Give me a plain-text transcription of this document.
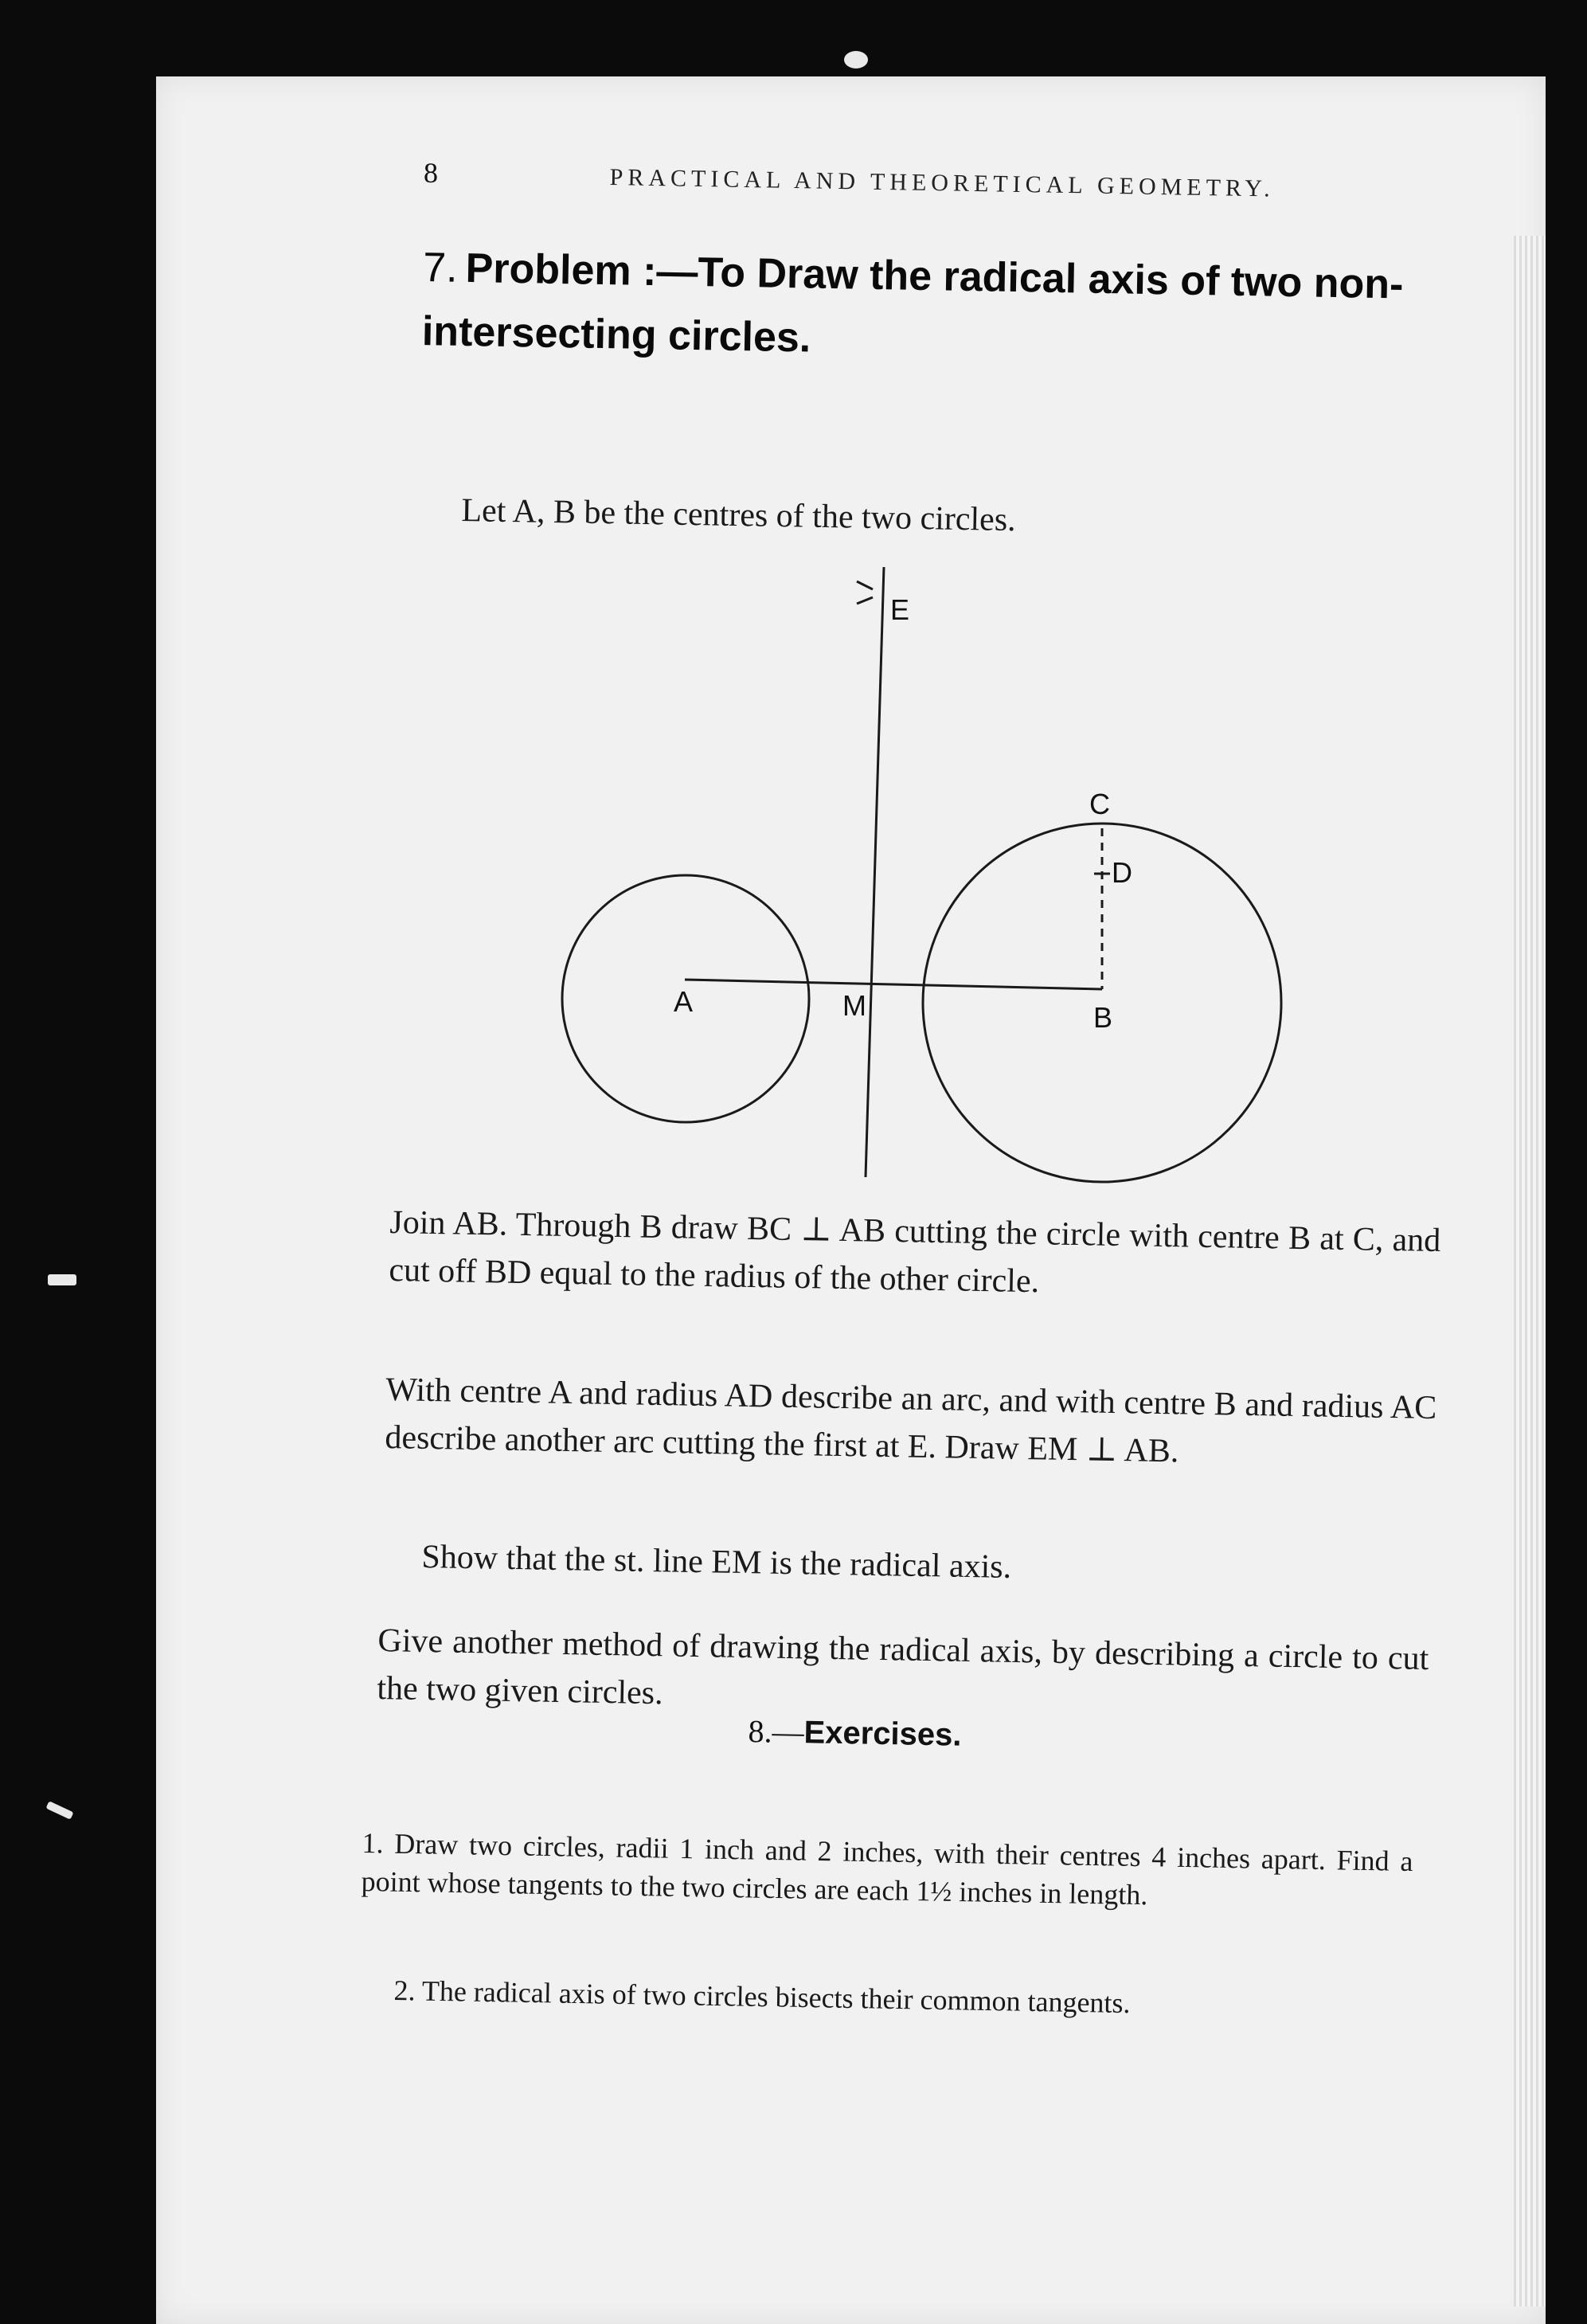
8	PRACTICAL AND THEORETICAL GEOMETRY.
7. Problem :—To Draw the radical axis of two non-intersecting circles.
Let A, B be the centres of the two circles.
E
C
D
A	M	B
Join AB. Through B draw BC ⊥ AB cutting the circle with centre B at C, and cut off BD equal to the radius of the other circle.
With centre A and radius AD describe an arc, and with centre B and radius AC describe another arc cutting the first at E. Draw EM ⊥ AB.
Show that the st. line EM is the radical axis.
Give another method of drawing the radical axis, by describing a circle to cut the two given circles.
8.—Exercises.
1. Draw two circles, radii 1 inch and 2 inches, with their centres 4 inches apart. Find a point whose tangents to the two circles are each 1½ inches in length.
2. The radical axis of two circles bisects their common tangents.
